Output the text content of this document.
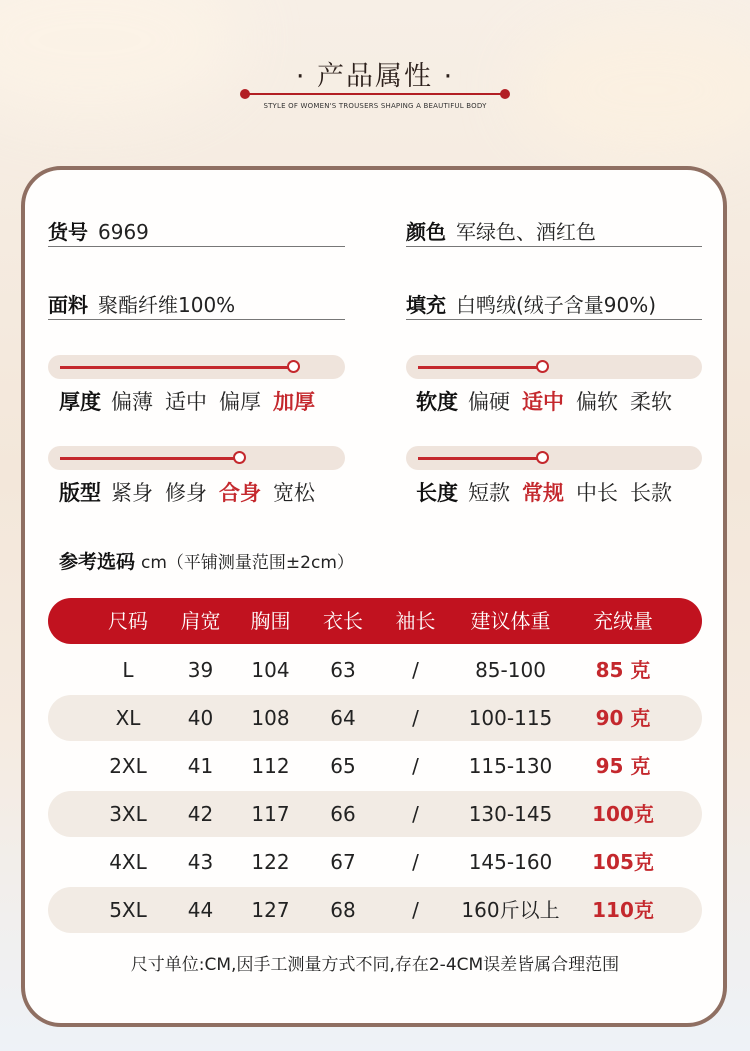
· 产品属性 ·
STYLE OF WOMEN'S TROUSERS SHAPING A BEAUTIFUL BODY
货号 6969	颜色 军绿色、酒红色
面料 聚酯纤维100%	填充 白鸭绒(绒子含量90%)
厚度 偏薄 适中 偏厚 加厚	软度 偏硬 适中 偏软 柔软
版型 紧身 修身 合身 宽松	长度 短款 常规 中长 长款
参考选码 cm（平铺测量范围±2cm）
尺码	肩宽	胸围	衣长	袖长	建议体重	充绒量
L	39	104	63	/	85-100	85 克
XL	40	108	64	/	100-115	90 克
2XL	41	112	65	/	115-130	95 克
3XL	42	117	66	/	130-145	100克
4XL	43	122	67	/	145-160	105克
5XL	44	127	68	/	160斤以上	110克
尺寸单位:CM,因手工测量方式不同,存在2-4CM误差皆属合理范围
